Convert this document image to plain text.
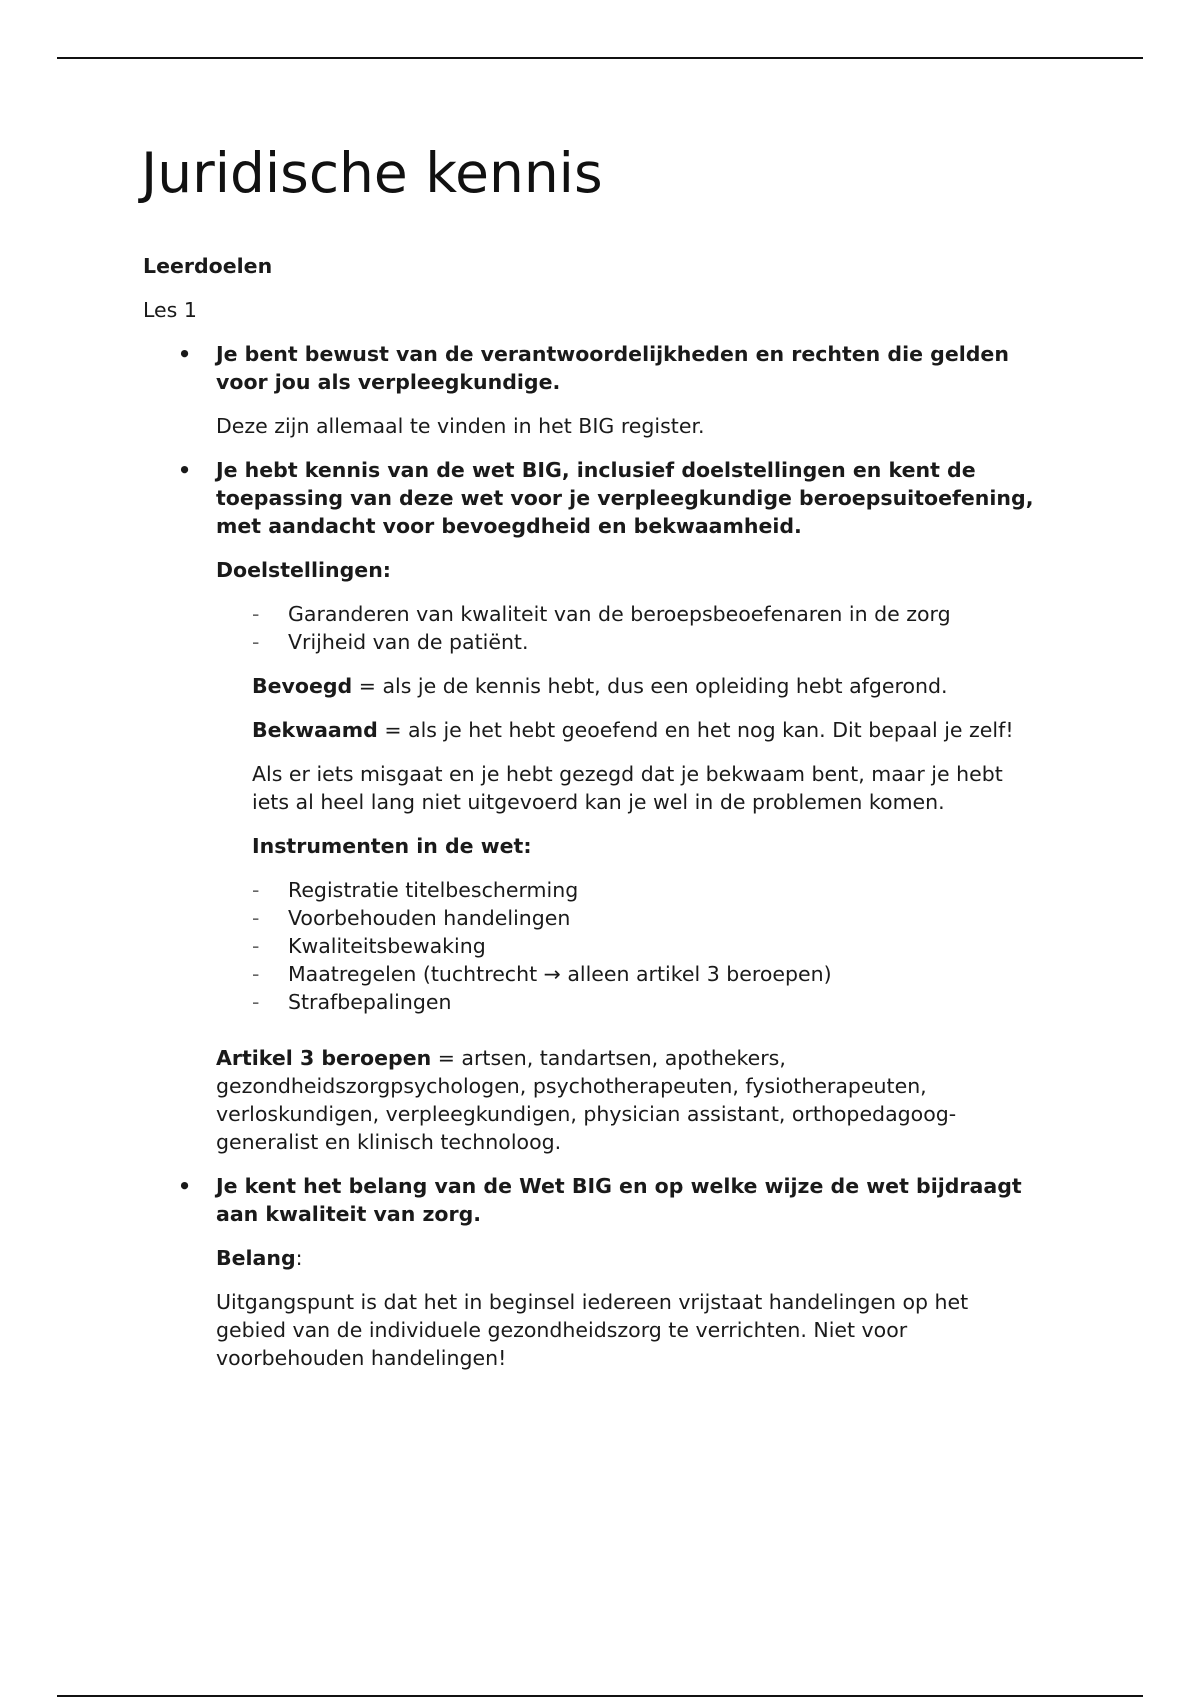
Juridische kennis
Leerdoelen
Les 1
• Je bent bewust van de verantwoordelijkheden en rechten die gelden voor jou als verpleegkundige.
Deze zijn allemaal te vinden in het BIG register.
• Je hebt kennis van de wet BIG, inclusief doelstellingen en kent de toepassing van deze wet voor je verpleegkundige beroepsuitoefening, met aandacht voor bevoegdheid en bekwaamheid.
Doelstellingen:
- Garanderen van kwaliteit van de beroepsbeoefenaren in de zorg
- Vrijheid van de patiënt.
Bevoegd = als je de kennis hebt, dus een opleiding hebt afgerond.
Bekwaamd = als je het hebt geoefend en het nog kan. Dit bepaal je zelf!
Als er iets misgaat en je hebt gezegd dat je bekwaam bent, maar je hebt iets al heel lang niet uitgevoerd kan je wel in de problemen komen.
Instrumenten in de wet:
- Registratie titelbescherming
- Voorbehouden handelingen
- Kwaliteitsbewaking
- Maatregelen (tuchtrecht → alleen artikel 3 beroepen)
- Strafbepalingen
Artikel 3 beroepen = artsen, tandartsen, apothekers, gezondheidszorgpsychologen, psychotherapeuten, fysiotherapeuten, verloskundigen, verpleegkundigen, physician assistant, orthopedagoog-generalist en klinisch technoloog.
• Je kent het belang van de Wet BIG en op welke wijze de wet bijdraagt aan kwaliteit van zorg.
Belang:
Uitgangspunt is dat het in beginsel iedereen vrijstaat handelingen op het gebied van de individuele gezondheidszorg te verrichten. Niet voor voorbehouden handelingen!
